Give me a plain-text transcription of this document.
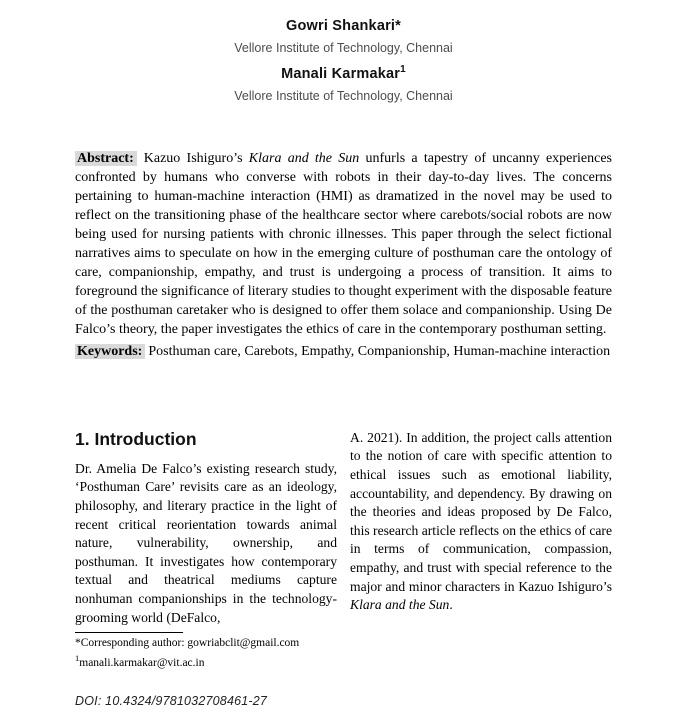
Gowri Shankari*
Vellore Institute of Technology, Chennai
Manali Karmakar$^1$
Vellore Institute of Technology, Chennai

Abstract: Kazuo Ishiguro’s Klara and the Sun unfurls a tapestry of uncanny experiences confronted by humans who converse with robots in their day-to-day lives. The concerns pertaining to human-machine interaction (HMI) as dramatized in the novel may be used to reflect on the transitioning phase of the healthcare sector where carebots/social robots are now being used for nursing patients with chronic illnesses. This paper through the select fictional narratives aims to speculate on how in the emerging culture of posthuman care the ontology of care, companionship, empathy, and trust is undergoing a process of transition. It aims to foreground the significance of literary studies to thought experiment with the disposable feature of the posthuman caretaker who is designed to offer them solace and companionship. Using De Falco’s theory, the paper investigates the ethics of care in the contemporary posthuman setting.

Keywords: Posthuman care, Carebots, Empathy, Companionship, Human-machine interaction

1. Introduction

Dr. Amelia De Falco’s existing research study, ‘Posthuman Care’ revisits care as an ideology, philosophy, and literary practice in the light of recent critical reorientation towards animal nature, vulnerability, ownership, and posthuman. It investigates how contemporary textual and theatrical mediums capture nonhuman companionships in the technology-grooming world (DeFalco,

A. 2021). In addition, the project calls attention to the notion of care with specific attention to ethical issues such as emotional liability, accountability, and dependency. By drawing on the theories and ideas proposed by De Falco, this research article reflects on the ethics of care in terms of communication, compassion, empathy, and trust with special reference to the major and minor characters in Kazuo Ishiguro’s Klara and the Sun.

*Corresponding author: gowriabclit@gmail.com
$^1$manali.karmakar@vit.ac.in
DOI: 10.4324/9781032708461-27
